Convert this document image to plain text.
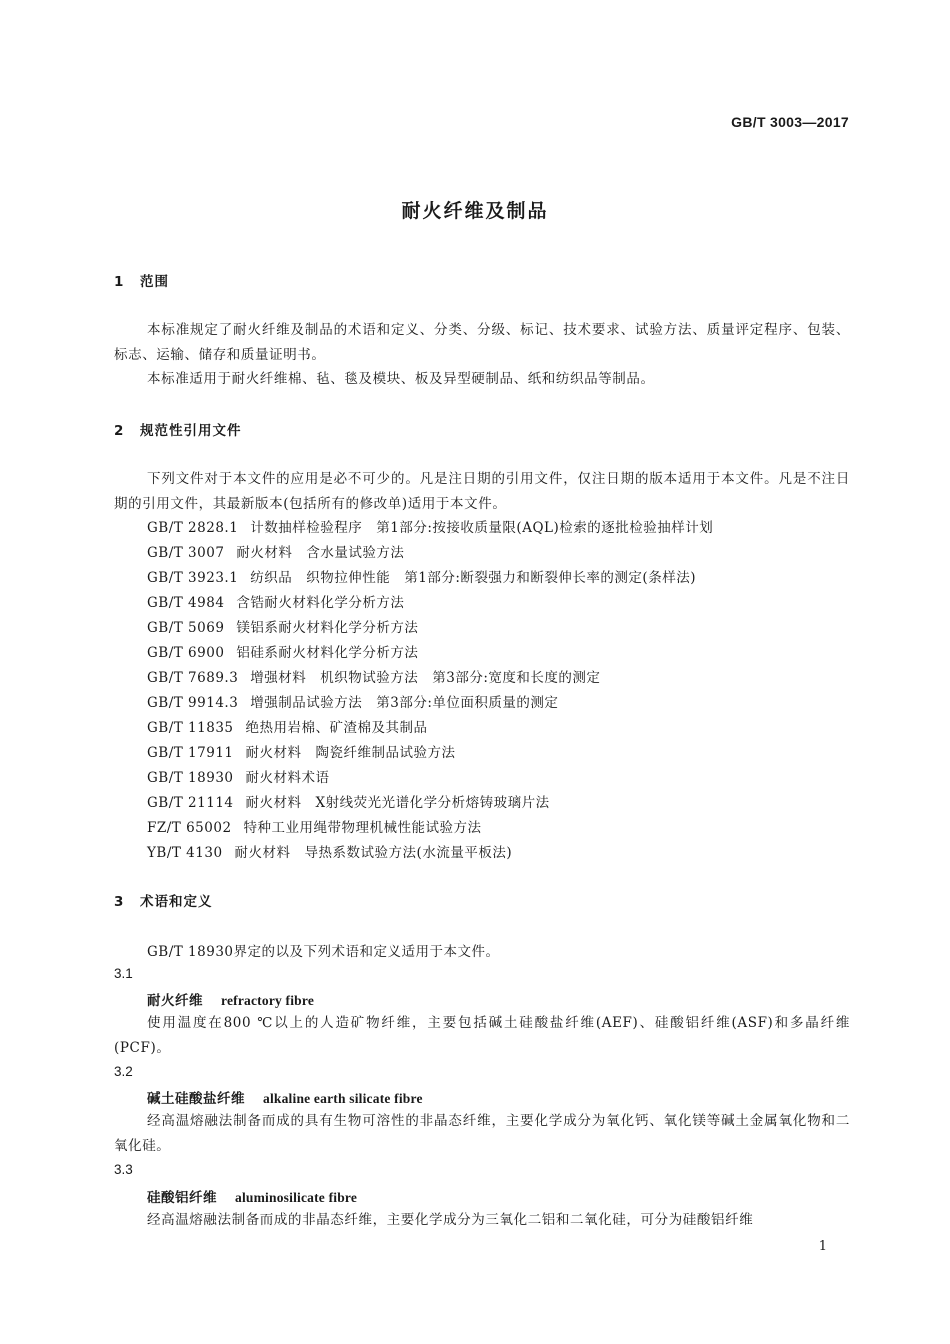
GB/T 3003—2017
耐火纤维及制品
1 范围
本标准规定了耐火纤维及制品的术语和定义、分类、分级、标记、技术要求、试验方法、质量评定程序、包装、标志、运输、储存和质量证明书。
本标准适用于耐火纤维棉、毡、毯及模块、板及异型硬制品、纸和纺织品等制品。
2 规范性引用文件
下列文件对于本文件的应用是必不可少的。凡是注日期的引用文件，仅注日期的版本适用于本文件。凡是不注日期的引用文件，其最新版本(包括所有的修改单)适用于本文件。
GB/T 2828.1 计数抽样检验程序　第1部分:按接收质量限(AQL)检索的逐批检验抽样计划
GB/T 3007 耐火材料　含水量试验方法
GB/T 3923.1 纺织品　织物拉伸性能　第1部分:断裂强力和断裂伸长率的测定(条样法)
GB/T 4984 含锆耐火材料化学分析方法
GB/T 5069 镁铝系耐火材料化学分析方法
GB/T 6900 铝硅系耐火材料化学分析方法
GB/T 7689.3 增强材料　机织物试验方法　第3部分:宽度和长度的测定
GB/T 9914.3 增强制品试验方法　第3部分:单位面积质量的测定
GB/T 11835 绝热用岩棉、矿渣棉及其制品
GB/T 17911 耐火材料　陶瓷纤维制品试验方法
GB/T 18930 耐火材料术语
GB/T 21114 耐火材料　X射线荧光光谱化学分析熔铸玻璃片法
FZ/T 65002 特种工业用绳带物理机械性能试验方法
YB/T 4130 耐火材料　导热系数试验方法(水流量平板法)
3 术语和定义
GB/T 18930界定的以及下列术语和定义适用于本文件。
3.1
耐火纤维 refractory fibre
使用温度在800 ℃以上的人造矿物纤维，主要包括碱土硅酸盐纤维(AEF)、硅酸铝纤维(ASF)和多晶纤维(PCF)。
3.2
碱土硅酸盐纤维 alkaline earth silicate fibre
经高温熔融法制备而成的具有生物可溶性的非晶态纤维，主要化学成分为氧化钙、氧化镁等碱土金属氧化物和二氧化硅。
3.3
硅酸铝纤维 aluminosilicate fibre
经高温熔融法制备而成的非晶态纤维，主要化学成分为三氧化二铝和二氧化硅，可分为硅酸铝纤维
1
